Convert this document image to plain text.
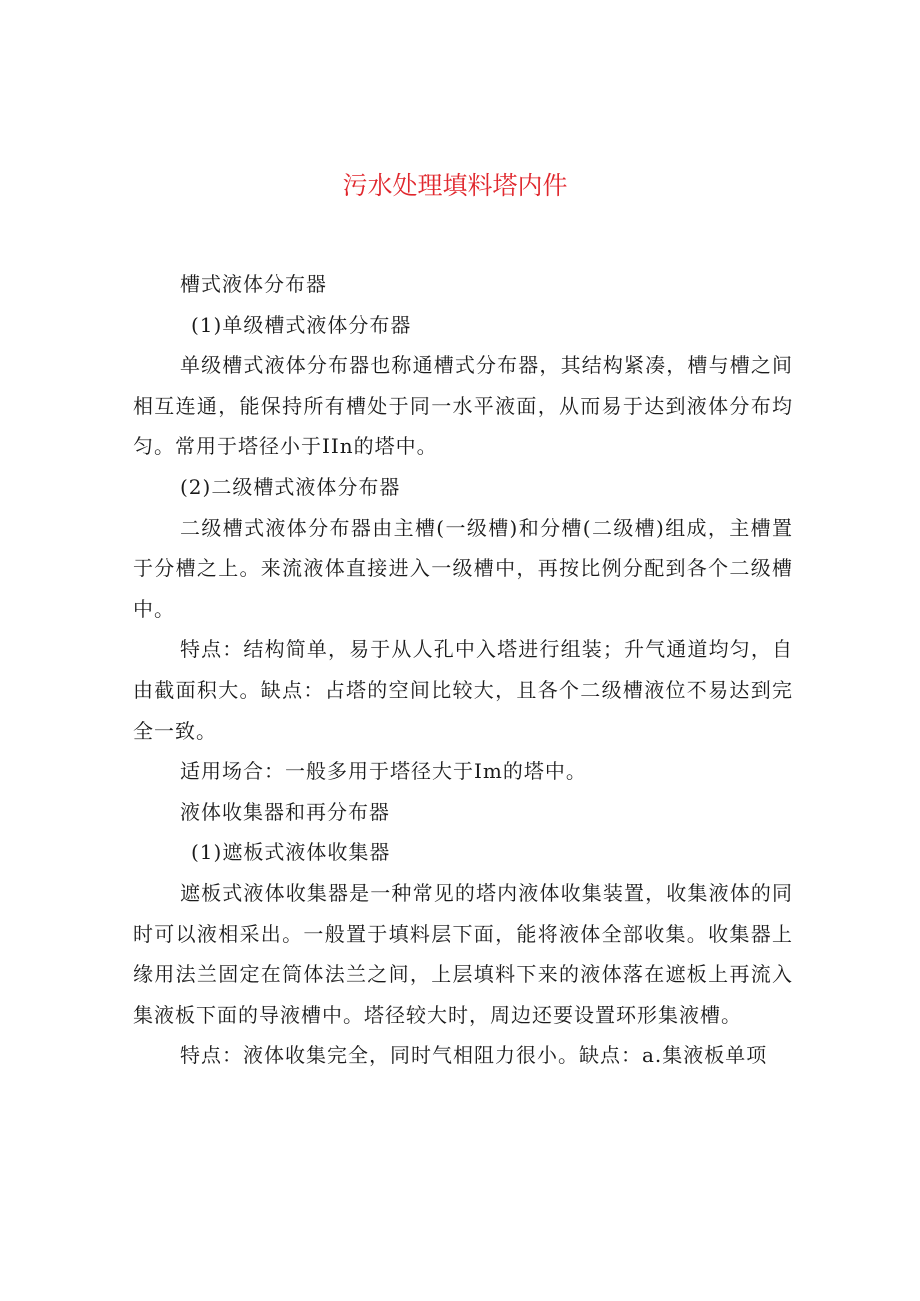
污水处理填料塔内件

槽式液体分布器

(1)单级槽式液体分布器

单级槽式液体分布器也称通槽式分布器，其结构紧凑，槽与槽之间相互连通，能保持所有槽处于同一水平液面，从而易于达到液体分布均匀。常用于塔径小于IIn的塔中。

(2)二级槽式液体分布器

二级槽式液体分布器由主槽(一级槽)和分槽(二级槽)组成，主槽置于分槽之上。来流液体直接进入一级槽中，再按比例分配到各个二级槽中。

特点：结构简单，易于从人孔中入塔进行组装；升气通道均匀，自由截面积大。缺点：占塔的空间比较大，且各个二级槽液位不易达到完全一致。

适用场合：一般多用于塔径大于Im的塔中。

液体收集器和再分布器

(1)遮板式液体收集器

遮板式液体收集器是一种常见的塔内液体收集装置，收集液体的同时可以液相采出。一般置于填料层下面，能将液体全部收集。收集器上缘用法兰固定在筒体法兰之间，上层填料下来的液体落在遮板上再流入集液板下面的导液槽中。塔径较大时，周边还要设置环形集液槽。

特点：液体收集完全，同时气相阻力很小。缺点：a.集液板单项
